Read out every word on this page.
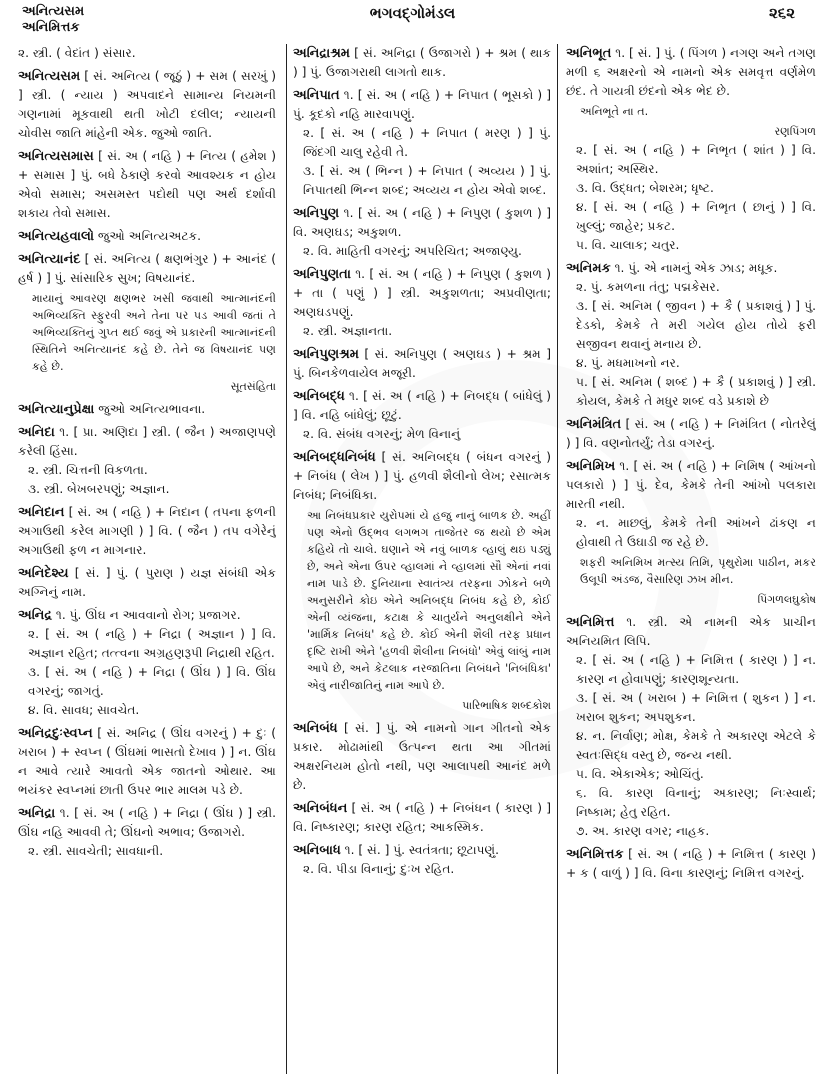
અનિત્યસમ
અનિમિત્તક
ભગવદ્ગોમંડલ	૨૬૨
૨. સ્ત્રી. ( વેદાંત ) સંસાર.
અનિત્યસમ [ સં. અનિત્ય ( જૂઠું ) + સમ ( સરખું ) ] સ્ત્રી. ( ન્યાય ) અપવાદને સામાન્ય નિયમની ગણનામાં મૂકવાથી થતી ખોટી દલીલ; ન્યાયની ચોવીસ જાતિ માંહેની એક. જુઓ જાતિ.
અનિત્યસમાસ [ સં. અ ( નહિ ) + નિત્ય ( હમેશ ) + સમાસ ] પું. બધે ઠેકાણે કરવો આવશ્યક ન હોય એવો સમાસ; અસમસ્ત પદોથી પણ અર્થ દર્શાવી શકાય તેવો સમાસ.
અનિત્યહવાલો જુઓ અનિત્યઅટક.
અનિત્યાનંદ [ સં. અનિત્ય ( ક્ષણભંગુર ) + આનંદ ( હર્ષ ) ] પું. સાંસારિક સુખ; વિષયાનંદ.
માયાનું આવરણ ક્ષણભર ખસી જવાથી આત્માનંદની અભિવ્યક્તિ સ્ફુરવી અને તેના પર પડ આવી જતાં તે અભિવ્યક્તિનું ગુપ્ત થઈ જવું એ પ્રકારની આત્માનંદની સ્થિતિને અનિત્યાનંદ કહે છે. તેને જ વિષયાનંદ પણ કહે છે.
સૂતસંહિતા
અનિત્યાનુપ્રેક્ષા જુઓ અનિત્યભાવના.
અનિદા ૧. [ પ્રા. અણિદા ] સ્ત્રી. ( જૈન ) અજાણપણે કરેલી હિંસા.
૨. સ્ત્રી. ચિત્તની વિકળતા.
૩. સ્ત્રી. બેખબરપણું; અજ્ઞાન.
અનિદાન [ સં. અ ( નહિ ) + નિદાન ( તપના ફળની અગાઉથી કરેલ માગણી ) ] વિ. ( જૈન ) તપ વગેરેનું અગાઉથી ફળ ન માગનાર.
અનિદેશ્ય [ સં. ] પું. ( પુરાણ ) યજ્ઞ સંબંધી એક અગ્નિનું નામ.
અનિદ્ર ૧. પું. ઊંઘ ન આવવાનો રોગ; પ્રજાગર.
૨. [ સં. અ ( નહિ ) + નિદ્રા ( અજ્ઞાન ) ] વિ. અજ્ઞાન રહિત; તત્ત્વના અગ્રહણરૂપી નિદ્રાથી રહિત.
૩. [ સં. અ ( નહિ ) + નિદ્રા ( ઊંઘ ) ] વિ. ઊંઘ વગરનું; જાગતું.
૪. વિ. સાવધ; સાવચેત.
અનિદ્રદુઃસ્વપ્ન [ સં. અનિદ્ર ( ઊંઘ વગરનું ) + દુઃ ( ખરાબ ) + સ્વપ્ન ( ઊંઘમાં ભાસતો દેખાવ ) ] ન. ઊંઘ ન આવે ત્યારે આવતો એક જાતનો ઓથાર. આ ભયંકર સ્વપ્નમાં છાતી ઉપર ભાર માલમ પડે છે.
અનિદ્રા ૧. [ સં. અ ( નહિ ) + નિદ્રા ( ઊંઘ ) ] સ્ત્રી. ઊંઘ નહિ આવવી તે; ઊંઘનો અભાવ; ઉજાગરો.
૨. સ્ત્રી. સાવચેતી; સાવધાની.
અનિદ્રાશ્રમ [ સં. અનિદ્રા ( ઉજાગરો ) + શ્રમ ( થાક ) ] પું. ઉજાગરાથી લાગતો થાક.
અનિપાત ૧. [ સં. અ ( નહિ ) + નિપાત ( ભૂસકો ) ] પું. કૂદકો નહિ મારવાપણું.
૨. [ સં. અ ( નહિ ) + નિપાત ( મરણ ) ] પું. જિંદગી ચાલુ રહેવી તે.
૩. [ સં. અ ( ભિન્ન ) + નિપાત ( અવ્યય ) ] પું. નિપાતથી ભિન્ન શબ્દ; અવ્યય ન હોય એવો શબ્દ.
અનિપુણ ૧. [ સં. અ ( નહિ ) + નિપુણ ( કુશળ ) ] વિ. અણઘડ; અકુશળ.
૨. વિ. માહિતી વગરનું; અપરિચિત; અજાણ્યુ.
અનિપુણતા ૧. [ સં. અ ( નહિ ) + નિપુણ ( કુશળ ) + તા ( પણું ) ] સ્ત્રી. અકુશળતા; અપ્રવીણતા; અણઘડપણું.
૨. સ્ત્રી. અજ્ઞાનતા.
અનિપુણશ્રમ [ સં. અનિપુણ ( અણઘડ ) + શ્રમ ] પું. બિનકેળવાયેલ મજૂરી.
અનિબદ્ધ ૧. [ સં. અ ( નહિ ) + નિબદ્ધ ( બાંધેલું ) ] વિ. નહિ બાંધેલું; છૂટું.
૨. વિ. સંબંધ વગરનું; મેળ વિનાનું
અનિબદ્ધનિબંધ [ સં. અનિબદ્ધ ( બંધન વગરનું ) + નિબંધ ( લેખ ) ] પું. હળવી શૈલીનો લેખ; રસાત્મક નિબંધ; નિબંધિકા.
આ નિબંધપ્રકાર યુરોપમાં યે હજુ નાનું બાળક છે. અહીં પણ એનો ઉદ્ભવ લગભગ તાજેતર જ થયો છે એમ કહિયે તો ચાલે. ઘણાને એ નવું બાળક વ્હાલું થઇ પડ્યું છે, અને એના ઉપર વ્હાલમાં ને વ્હાલમાં સૌ એનાં નવાં નામ પાડે છે. દુનિયાના સ્વાતંત્ર્ય તરફના ઝોકને બળે અનુસરીને કોઇ એને અનિબદ્ધ નિબંધ કહે છે, કોઈ એની વ્યંજના, કટાક્ષ કે ચાતુર્યને અનુલક્ષીને એને 'માર્મિક નિબંધ' કહે છે. કોઈ એની શૈલી તરફ પ્રધાન દૃષ્ટિ રાખી એને 'હળવી શૈલીના નિબંધો' એવું લાંબું નામ આપે છે, અને કેટલાક નરજાતિના નિબંધને 'નિબંધિકા' એવું નારીજાતિનું નામ આપે છે.
પારિભાષિક શબ્દકોશ
અનિબંધ [ સં. ] પું. એ નામનો ગાન ગીતનો એક પ્રકાર. મોઢામાંથી ઉત્પન્ન થતા આ ગીતમાં અક્ષરનિયમ હોતો નથી, પણ આલાપથી આનંદ મળે છે.
અનિબંધન [ સં. અ ( નહિ ) + નિબંધન ( કારણ ) ] વિ. નિષ્કારણ; કારણ રહિત; આકસ્મિક.
અનિબાધ ૧. [ સં. ] પું. સ્વતંત્રતા; છૂટાપણું.
૨. વિ. પીડા વિનાનું; દુઃખ રહિત.
અનિભૂત ૧. [ સં. ] પું. ( પિંગળ ) નગણ અને તગણ મળી ૬ અક્ષરનો એ નામનો એક સમવૃત્ત વર્ણમેળ છંદ. તે ગાયત્રી છંદનો એક ભેદ છે.
અનિભૂતે ના ત.
રણપિંગળ
૨. [ સં. અ ( નહિ ) + નિભૃત ( શાંત ) ] વિ. અશાંત; અસ્થિર.
૩. વિ. ઉદ્ધત; બેશરમ; ધૃષ્ટ.
૪. [ સં. અ ( નહિ ) + નિભૃત ( છાનું ) ] વિ. ખુલ્લું; જાહેર; પ્રકટ.
૫. વિ. ચાલાક; ચતુર.
અનિમક ૧. પું. એ નામનું એક ઝાડ; મધૂક.
૨. પું. કમળના તંતુ; પદ્મકેસર.
૩. [ સં. અનિમ ( જીવન ) + કૈ ( પ્રકાશવું ) ] પું. દેડકો, કેમકે તે મરી ગયેલ હોય તોયે ફરી સજીવન થવાનું મનાય છે.
૪. પું. મધમાખનો નર.
૫. [ સં. અનિમ ( શબ્દ ) + કૈ ( પ્રકાશવું ) ] સ્ત્રી. કોયલ, કેમકે તે મધુર શબ્દ વડે પ્રકાશે છે
અનિમંત્રિત [ સં. અ ( નહિ ) + નિમંત્રિત ( નોતરેલું ) ] વિ. વણનોતર્યું; તેડા વગરનું.
અનિમિખ ૧. [ સં. અ ( નહિ ) + નિમિષ ( આંખનો પલકારો ) ] પું. દેવ, કેમકે તેની આંખો પલકારા મારતી નથી.
૨. ન. માછલું, કેમકે તેની આંખને ઢાંકણ ન હોવાથી તે ઉઘાડી જ રહે છે.
શફરી અનિમિખ મત્સ્ય તિમિ, પૃથુરોમા પાઠીન, મકર ઉલૂપી અંડજ, વૈસારિણ ઝખ મીન.
પિંગળલઘુકોષ
અનિમિત્ત ૧. સ્ત્રી. એ નામની એક પ્રાચીન અનિયમિત લિપિ.
૨. [ સં. અ ( નહિ ) + નિમિત્ત ( કારણ ) ] ન. કારણ ન હોવાપણું; કારણશૂન્યતા.
૩. [ સં. અ ( ખરાબ ) + નિમિત્ત ( શુકન ) ] ન. ખરાબ શુકન; અપશુકન.
૪. ન. નિર્વાણ; મોક્ષ, કેમકે તે અકારણ એટલે કે સ્વતઃસિદ્ધ વસ્તુ છે, જન્ય નથી.
૫. વિ. એકાએક; ઓચિંતું.
૬. વિ. કારણ વિનાનું; અકારણ; નિઃસ્વાર્થ; નિષ્કામ; હેતુ રહિત.
૭. અ. કારણ વગર; નાહક.
અનિમિત્તક [ સં. અ ( નહિ ) + નિમિત્ત ( કારણ ) + ક ( વાળું ) ] વિ. વિના કારણનું; નિમિત્ત વગરનું.
